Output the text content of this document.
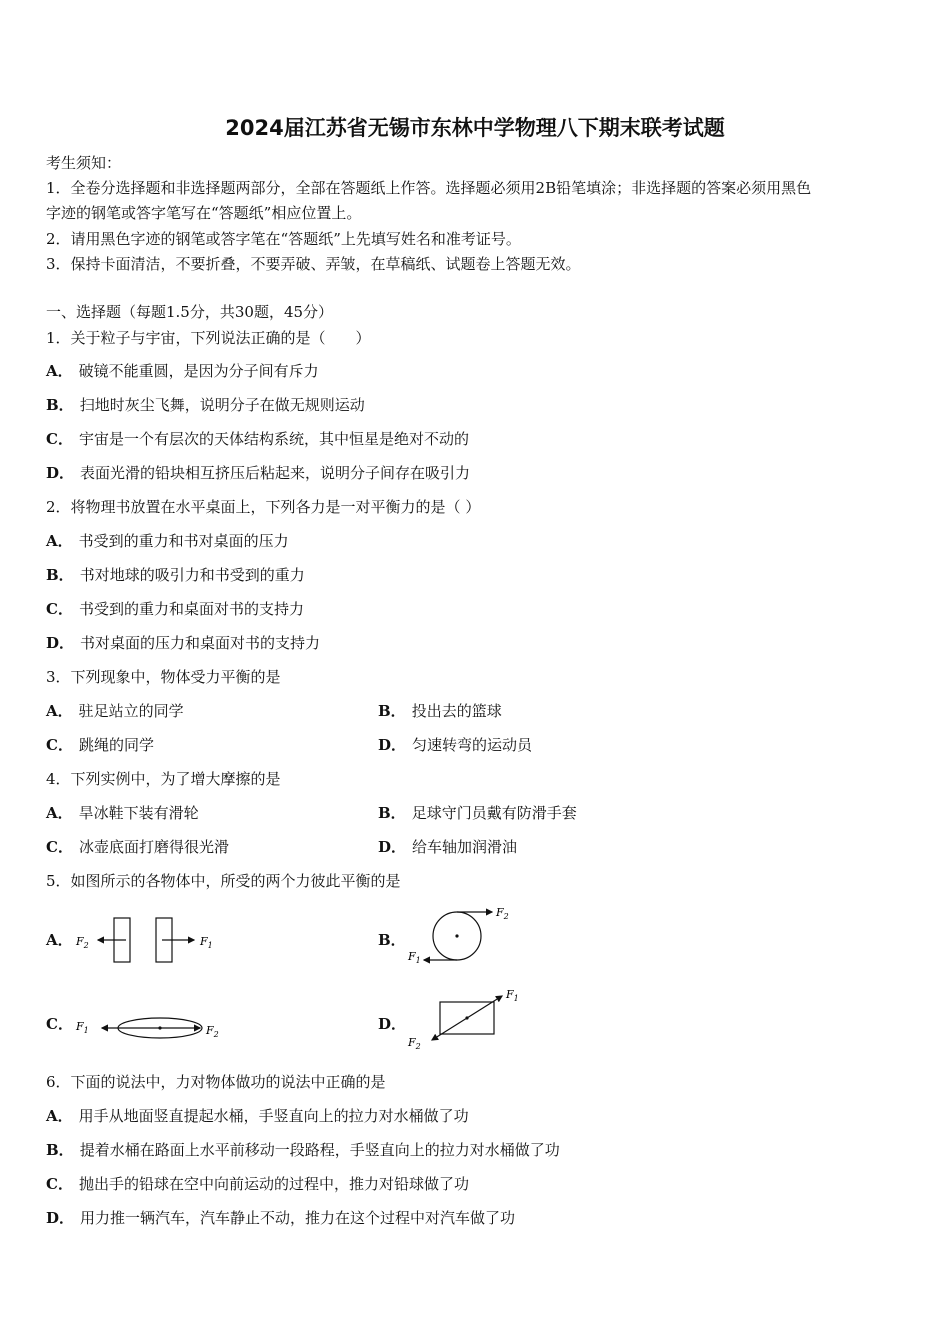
2024届江苏省无锡市东林中学物理八下期末联考试题
考生须知：
1．全卷分选择题和非选择题两部分，全部在答题纸上作答。选择题必须用2B铅笔填涂；非选择题的答案必须用黑色
字迹的钢笔或答字笔写在“答题纸”相应位置上。
2．请用黑色字迹的钢笔或答字笔在“答题纸”上先填写姓名和准考证号。
3．保持卡面清洁，不要折叠，不要弄破、弄皱，在草稿纸、试题卷上答题无效。
一、选择题（每题1.5分，共30题，45分）
1．关于粒子与宇宙，下列说法正确的是（　　）
A． 破镜不能重圆，是因为分子间有斥力
B． 扫地时灰尘飞舞，说明分子在做无规则运动
C． 宇宙是一个有层次的天体结构系统，其中恒星是绝对不动的
D． 表面光滑的铅块相互挤压后粘起来，说明分子间存在吸引力
2．将物理书放置在水平桌面上，下列各力是一对平衡力的是（ ）
A． 书受到的重力和书对桌面的压力
B． 书对地球的吸引力和书受到的重力
C． 书受到的重力和桌面对书的支持力
D． 书对桌面的压力和桌面对书的支持力
3．下列现象中，物体受力平衡的是
A． 驻足站立的同学	B． 投出去的篮球
C． 跳绳的同学	D． 匀速转弯的运动员
4．下列实例中，为了增大摩擦的是
A． 旱冰鞋下装有滑轮	B． 足球守门员戴有防滑手套
C． 冰壶底面打磨得很光滑	D． 给车轴加润滑油
5．如图所示的各物体中，所受的两个力彼此平衡的是
A．	B．
C．	D．
$F_2$	$F_1$
$F_2$
$F_1$
$F_1$	$F_2$
$F_1$
$F_2$
6．下面的说法中，力对物体做功的说法中正确的是
A． 用手从地面竖直提起水桶，手竖直向上的拉力对水桶做了功
B． 提着水桶在路面上水平前移动一段路程，手竖直向上的拉力对水桶做了功
C． 抛出手的铅球在空中向前运动的过程中，推力对铅球做了功
D． 用力推一辆汽车，汽车静止不动，推力在这个过程中对汽车做了功
